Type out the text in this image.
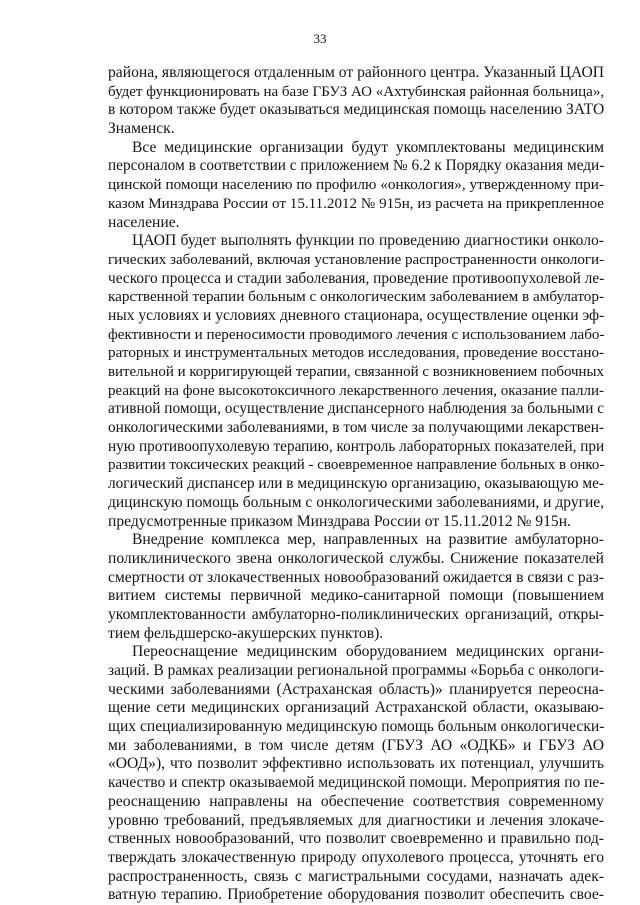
33
района, являющегося отдаленным от районного центра. Указанный ЦАОП
будет функционировать на базе ГБУЗ АО «Ахтубинская районная больница»,
в котором также будет оказываться медицинская помощь населению ЗАТО
Знаменск.
Все медицинские организации будут укомплектованы медицинским
персоналом в соответствии с приложением № 6.2 к Порядку оказания меди-
цинской помощи населению по профилю «онкология», утвержденному при-
казом Минздрава России от 15.11.2012 № 915н, из расчета на прикрепленное
население.
ЦАОП будет выполнять функции по проведению диагностики онколо-
гических заболеваний, включая установление распространенности онкологи-
ческого процесса и стадии заболевания, проведение противоопухолевой ле-
карственной терапии больным с онкологическим заболеванием в амбулатор-
ных условиях и условиях дневного стационара, осуществление оценки эф-
фективности и переносимости проводимого лечения с использованием лабо-
раторных и инструментальных методов исследования, проведение восстано-
вительной и корригирующей терапии, связанной с возникновением побочных
реакций на фоне высокотоксичного лекарственного лечения, оказание палли-
ативной помощи, осуществление диспансерного наблюдения за больными с
онкологическими заболеваниями, в том числе за получающими лекарствен-
ную противоопухолевую терапию, контроль лабораторных показателей, при
развитии токсических реакций - своевременное направление больных в онко-
логический диспансер или в медицинскую организацию, оказывающую ме-
дицинскую помощь больным с онкологическими заболеваниями, и другие,
предусмотренные приказом Минздрава России от 15.11.2012 № 915н.
Внедрение комплекса мер, направленных на развитие амбулаторно-
поликлинического звена онкологической службы. Снижение показателей
смертности от злокачественных новообразований ожидается в связи с раз-
витием системы первичной медико-санитарной помощи (повышением
укомплектованности амбулаторно-поликлинических организаций, откры-
тием фельдшерско-акушерских пунктов).
Переоснащение медицинским оборудованием медицинских органи-
заций. В рамках реализации региональной программы «Борьба с онкологи-
ческими заболеваниями (Астраханская область)» планируется переосна-
щение сети медицинских организаций Астраханской области, оказываю-
щих специализированную медицинскую помощь больным онкологически-
ми заболеваниями, в том числе детям (ГБУЗ АО «ОДКБ» и ГБУЗ АО
«ООД»), что позволит эффективно использовать их потенциал, улучшить
качество и спектр оказываемой медицинской помощи. Мероприятия по пе-
реоснащению направлены на обеспечение соответствия современному
уровню требований, предъявляемых для диагностики и лечения злокаче-
ственных новообразований, что позволит своевременно и правильно под-
тверждать злокачественную природу опухолевого процесса, уточнять его
распространенность, связь с магистральными сосудами, назначать адек-
ватную терапию. Приобретение оборудования позволит обеспечить свое-
